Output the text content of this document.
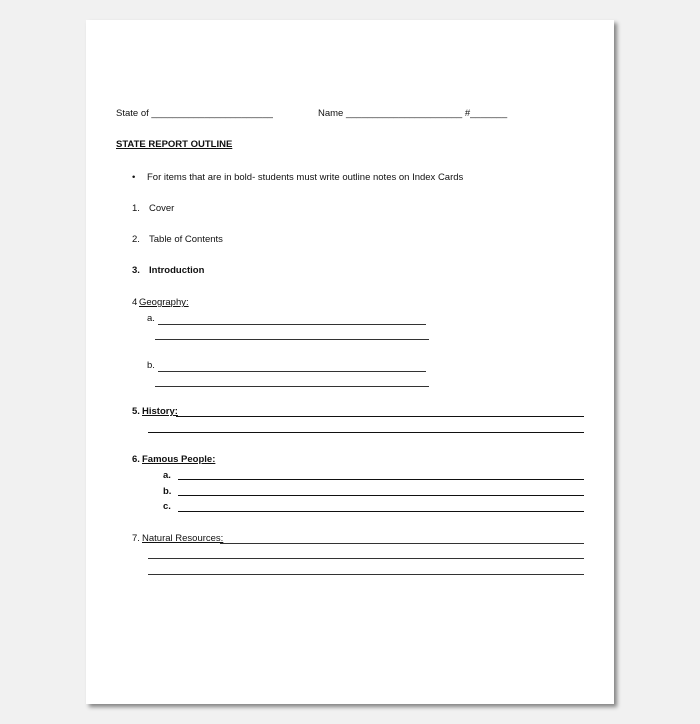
State of _______________________	Name ______________________ #_______
STATE REPORT OUTLINE
• For items that are in bold- students must write outline notes on Index Cards
1. Cover
2. Table of Contents
3. Introduction
4 Geography:
a.
b.
5. History:
6. Famous People:
a.
b.
c.
7. Natural Resources:
